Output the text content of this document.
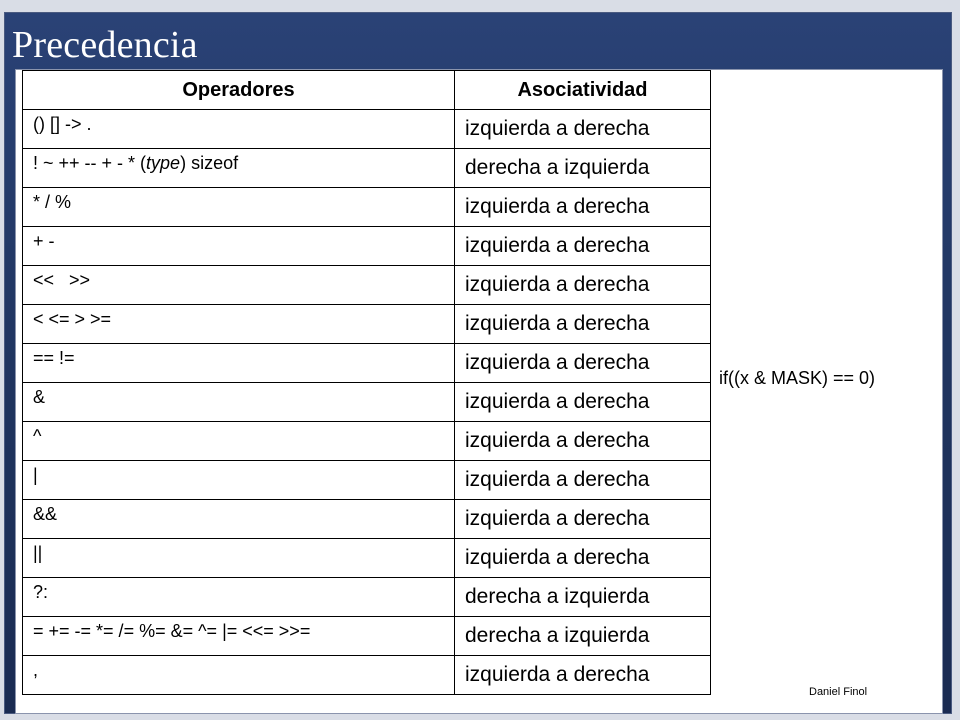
Precedencia
Operadores	Asociatividad
() [] -> .	izquierda a derecha
! ~ ++ -- + - * (type) sizeof	derecha a izquierda
* / %	izquierda a derecha
+ -	izquierda a derecha
<<   >>	izquierda a derecha
< <= > >=	izquierda a derecha
== !=	izquierda a derecha
&	izquierda a derecha
^	izquierda a derecha
|	izquierda a derecha
&&	izquierda a derecha
||	izquierda a derecha
?:	derecha a izquierda
= += -= *= /= %= &= ^= |= <<= >>=	derecha a izquierda
,	izquierda a derecha
if((x & MASK) == 0)
Daniel Finol
